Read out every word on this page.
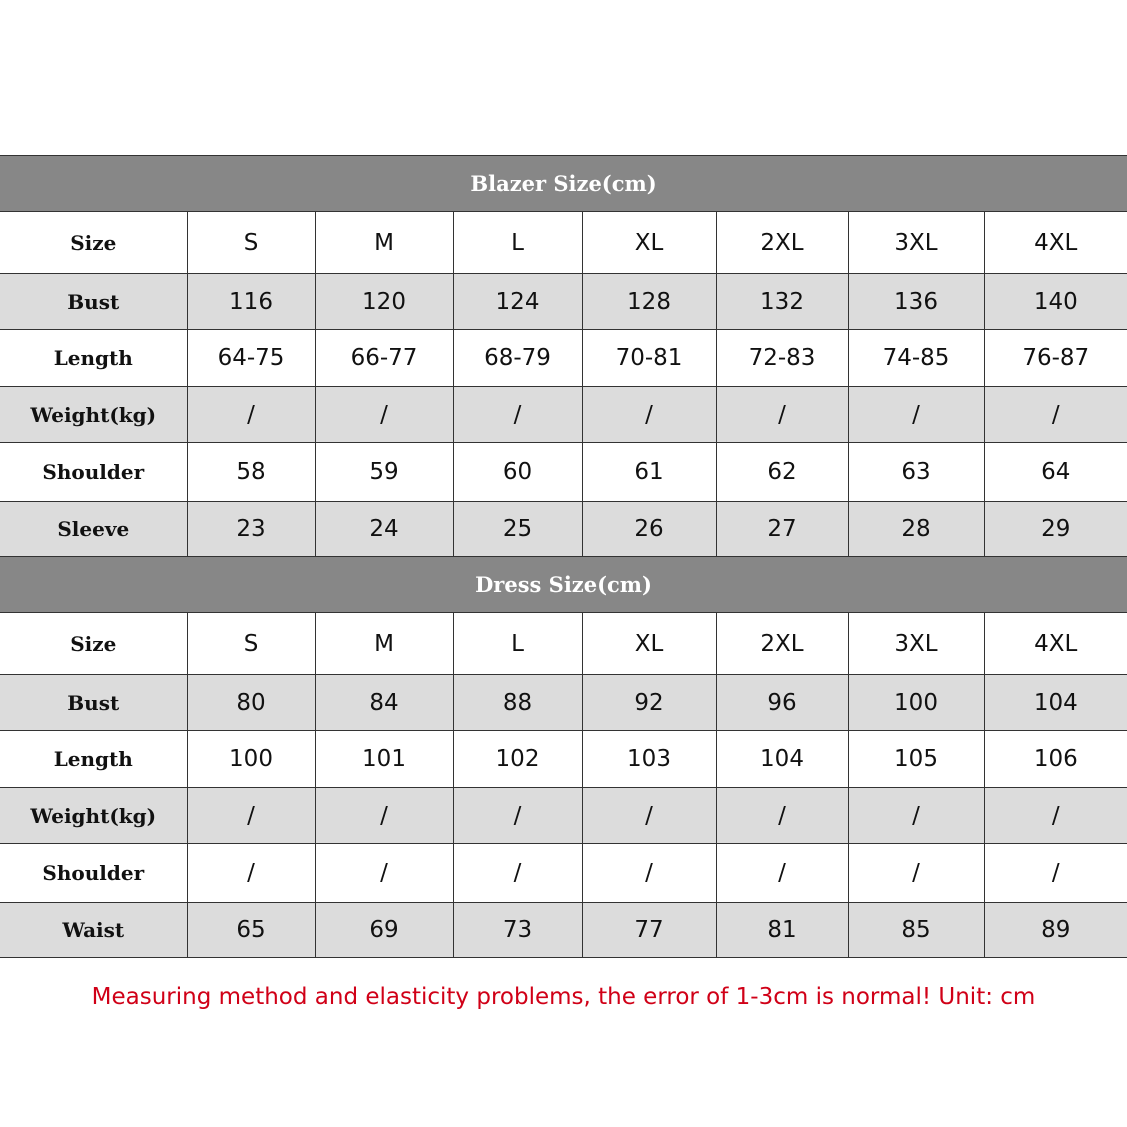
Blazer Size(cm)							
Size	S	M	L	XL	2XL	3XL	4XL
Bust	116	120	124	128	132	136	140
Length	64-75	66-77	68-79	70-81	72-83	74-85	76-87
Weight(kg)	/	/	/	/	/	/	/
Shoulder	58	59	60	61	62	63	64
Sleeve	23	24	25	26	27	28	29
Dress Size(cm)							
Size	S	M	L	XL	2XL	3XL	4XL
Bust	80	84	88	92	96	100	104
Length	100	101	102	103	104	105	106
Weight(kg)	/	/	/	/	/	/	/
Shoulder	/	/	/	/	/	/	/
Waist	65	69	73	77	81	85	89
Measuring method and elasticity problems, the error of 1-3cm is normal! Unit: cm
